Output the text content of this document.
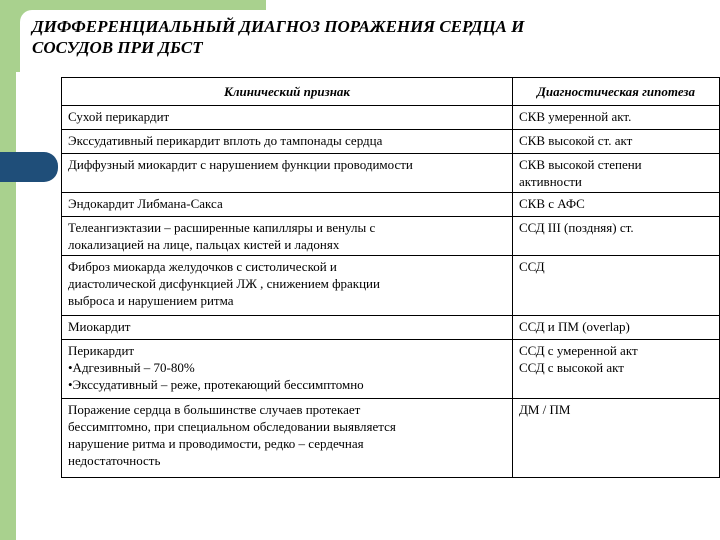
ДИФФЕРЕНЦИАЛЬНЫЙ ДИАГНОЗ ПОРАЖЕНИЯ СЕРДЦА И
СОСУДОВ ПРИ ДБСТ
Клинический признак	Диагностическая гипотеза

Сухой перикардит	СКВ умеренной акт.

Экссудативный перикардит вплоть до тампонады сердца	СКВ высокой ст. акт

Диффузный миокардит с нарушением функции проводимости	СКВ высокой степени
активности

Эндокардит Либмана-Сакса	СКВ с АФС

Телеангиэктазии – расширенные капилляры и венулы с
локализацией на лице, пальцах кистей и ладонях	ССД III (поздняя) ст.

Фиброз миокарда желудочков с систолической и
диастолической дисфункцией ЛЖ , снижением фракции
выброса и нарушением ритма	ССД

Миокардит	ССД и ПМ (overlap)

Перикардит
•Адгезивный – 70-80%
•Экссудативный – реже, протекающий бессимптомно	ССД с умеренной акт
ССД с высокой акт

Поражение сердца в большинстве случаев протекает
бессимптомно, при специальном обследовании выявляется
нарушение ритма и проводимости, редко – сердечная
недостаточность	ДМ / ПМ
